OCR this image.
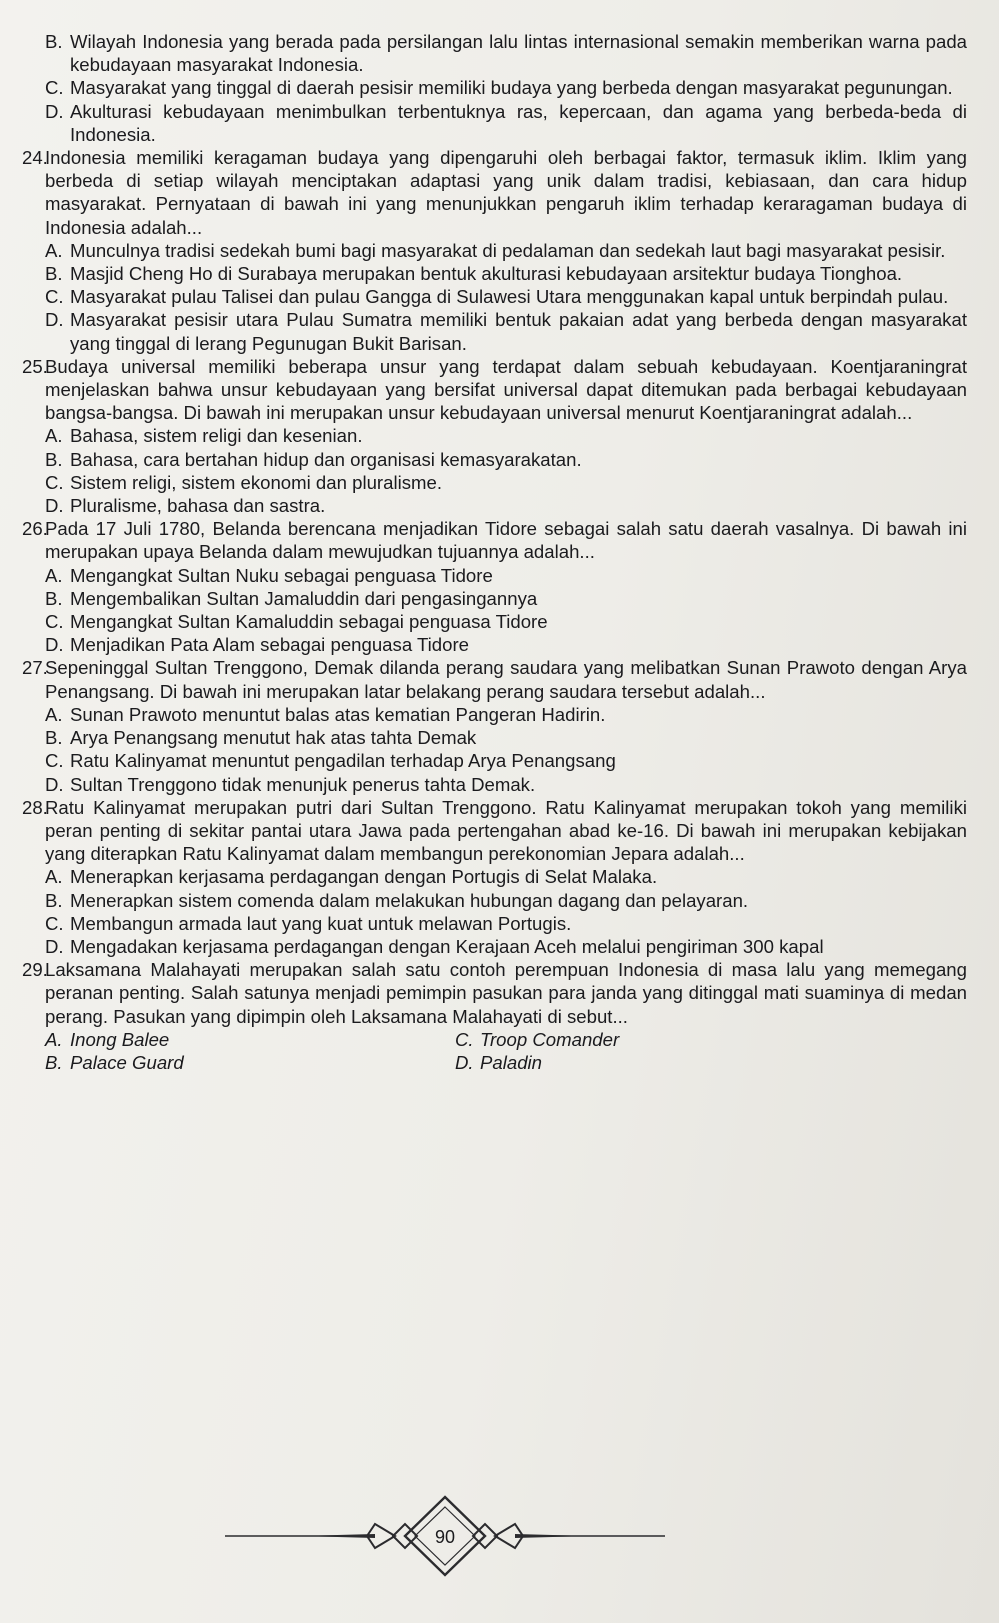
B. Wilayah Indonesia yang berada pada persilangan lalu lintas internasional semakin memberikan warna pada kebudayaan masyarakat Indonesia.
C. Masyarakat yang tinggal di daerah pesisir memiliki budaya yang berbeda dengan masyarakat pegunungan.
D. Akulturasi kebudayaan menimbulkan terbentuknya ras, kepercaan, dan agama yang berbeda-beda di Indonesia.
24.
Indonesia memiliki keragaman budaya yang dipengaruhi oleh berbagai faktor, termasuk iklim. Iklim yang berbeda di setiap wilayah menciptakan adaptasi yang unik dalam tradisi, kebiasaan, dan cara hidup masyarakat. Pernyataan di bawah ini yang menunjukkan pengaruh iklim terhadap keraragaman budaya di Indonesia adalah...
A. Munculnya tradisi sedekah bumi bagi masyarakat di pedalaman dan sedekah laut bagi masyarakat pesisir.
B. Masjid Cheng Ho di Surabaya merupakan bentuk akulturasi kebudayaan arsitektur budaya Tionghoa.
C. Masyarakat pulau Talisei dan pulau Gangga di Sulawesi Utara menggunakan kapal untuk berpindah pulau.
D. Masyarakat pesisir utara Pulau Sumatra memiliki bentuk pakaian adat yang berbeda dengan masyarakat yang tinggal di lerang Pegunugan Bukit Barisan.
25.
Budaya universal memiliki beberapa unsur yang terdapat dalam sebuah kebudayaan. Koentjaraningrat menjelaskan bahwa unsur kebudayaan yang bersifat universal dapat ditemukan pada berbagai kebudayaan bangsa-bangsa. Di bawah ini merupakan unsur kebudayaan universal menurut Koentjaraningrat adalah...
A. Bahasa, sistem religi dan kesenian.
B. Bahasa, cara bertahan hidup dan organisasi kemasyarakatan.
C. Sistem religi, sistem ekonomi dan pluralisme.
D. Pluralisme, bahasa dan sastra.
26.
Pada 17 Juli 1780, Belanda berencana menjadikan Tidore sebagai salah satu daerah vasalnya. Di bawah ini merupakan upaya Belanda dalam mewujudkan tujuannya adalah...
A. Mengangkat Sultan Nuku sebagai penguasa Tidore
B. Mengembalikan Sultan Jamaluddin dari pengasingannya
C. Mengangkat Sultan Kamaluddin sebagai penguasa Tidore
D. Menjadikan Pata Alam sebagai penguasa Tidore
27.
Sepeninggal Sultan Trenggono, Demak dilanda perang saudara yang melibatkan Sunan Prawoto dengan Arya Penangsang. Di bawah ini merupakan latar belakang perang saudara tersebut adalah...
A. Sunan Prawoto menuntut balas atas kematian Pangeran Hadirin.
B. Arya Penangsang menutut hak atas tahta Demak
C. Ratu Kalinyamat menuntut pengadilan terhadap Arya Penangsang
D. Sultan Trenggono tidak menunjuk penerus tahta Demak.
28.
Ratu Kalinyamat merupakan putri dari Sultan Trenggono. Ratu Kalinyamat merupakan tokoh yang memiliki peran penting di sekitar pantai utara Jawa pada pertengahan abad ke-16. Di bawah ini merupakan kebijakan yang diterapkan Ratu Kalinyamat dalam membangun perekonomian Jepara adalah...
A. Menerapkan kerjasama perdagangan dengan Portugis di Selat Malaka.
B. Menerapkan sistem comenda dalam melakukan hubungan dagang dan pelayaran.
C. Membangun armada laut yang kuat untuk melawan Portugis.
D. Mengadakan kerjasama perdagangan dengan Kerajaan Aceh melalui pengiriman 300 kapal
29.
Laksamana Malahayati merupakan salah satu contoh perempuan Indonesia di masa lalu yang memegang peranan penting. Salah satunya menjadi pemimpin pasukan para janda yang ditinggal mati suaminya di medan perang. Pasukan yang dipimpin oleh Laksamana Malahayati di sebut...
A. Inong Balee	C. Troop Comander
B. Palace Guard	D. Paladin
90
